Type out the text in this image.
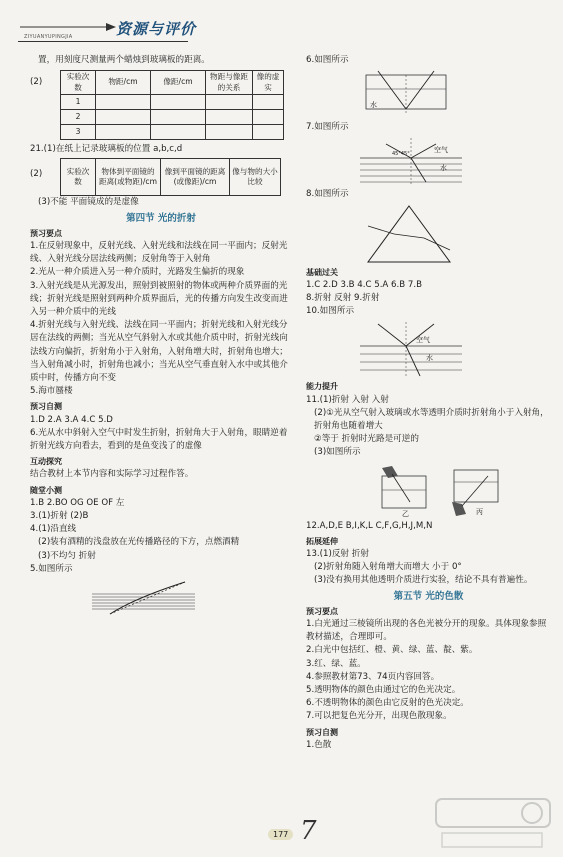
ZIYUANYUPINGJIA	资源与评价

置，用刻度尺测量两个蜡烛到玻璃板的距离。

(2)
实验次数	物距/cm	像距/cm	物距与像距的关系	像的虚实
1				
2				
3				

21.(1)在纸上记录玻璃板的位置 a,b,c,d

(2)	实验次数	物体到平面镜的距离(或物距)/cm	像到平面镜的距离(或像距)/cm	像与物的大小比较

(3)不能 平面镜成的是虚像

第四节 光的折射
预习要点

1.在反射现象中，反射光线、入射光线和法线在同一平面内；反射光线、入射光线分居法线两侧；反射角等于入射角

2.光从一种介质进入另一种介质时，光路发生偏折的现象

3.入射光线是从光源发出，照射到被照射的物体或两种介质界面的光线；折射光线是照射到两种介质界面后，光的传播方向发生改变而进入另一种介质中的光线

4.折射光线与入射光线、法线在同一平面内；折射光线和入射光线分居在法线的两侧；当光从空气斜射入水或其他介质中时，折射光线向法线方向偏折，折射角小于入射角，入射角增大时，折射角也增大；当入射角减小时，折射角也减小；当光从空气垂直射入水中或其他介质中时，传播方向不变

5.海市蜃楼

预习自测

1.D 2.A 3.A 4.C 5.D

6.光从水中斜射入空气中时发生折射，折射角大于入射角，眼睛逆着折射光线方向看去，看到的是鱼变浅了的虚像

互动探究

结合教材上本节内容和实际学习过程作答。

随堂小测

1.B 2.BO OG OE OF 左

3.(1)折射 (2)B

4.(1)沿直线

(2)装有酒精的浅盘放在光传播路径的下方，点燃酒精

(3)不均匀 折射

5.如图所示

6.如图所示

水

7.如图所示

空气
水
45°45°

8.如图所示

基础过关

1.C 2.D 3.B 4.C 5.A 6.B 7.B

8.折射 反射 9.折射

10.如图所示

空气
水
能力提升

11.(1)折射 入射 入射

(2)①光从空气射入玻璃或水等透明介质时折射角小于入射角，折射角也随着增大

②等于 折射时光路是可逆的

(3)如图所示

乙	丙

12.A,D,E B,I,K,L C,F,G,H,J,M,N

拓展延伸

13.(1)反射 折射

(2)折射角随入射角增大而增大 小于 0°

(3)没有换用其他透明介质进行实验，结论不具有普遍性。

第五节 光的色散
预习要点

1.白光通过三棱镜所出现的各色光被分开的现象。具体现象参照教材描述，合理即可。

2.白光中包括红、橙、黄、绿、蓝、靛、紫。

3.红、绿、蓝。

4.参照教材第73、74页内容回答。

5.透明物体的颜色由通过它的色光决定。

6.不透明物体的颜色由它反射的色光决定。

7.可以把复色光分开，出现色散现象。

预习自测

1.色散

177 7
